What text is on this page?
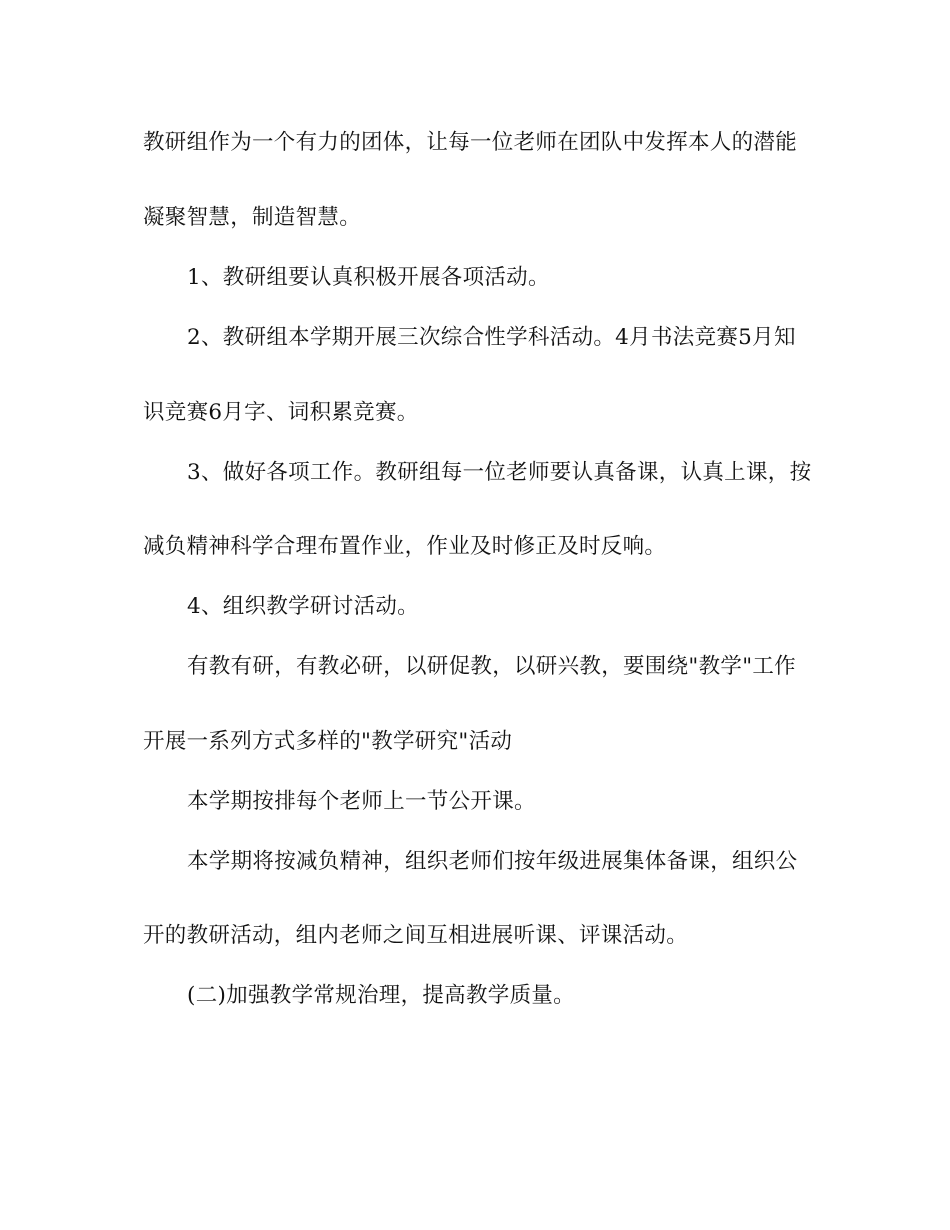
教研组作为一个有力的团体，让每一位老师在团队中发挥本人的潜能
凝聚智慧，制造智慧。
1、教研组要认真积极开展各项活动。
2、教研组本学期开展三次综合性学科活动。4月书法竞赛5月知
识竞赛6月字、词积累竞赛。
3、做好各项工作。教研组每一位老师要认真备课，认真上课，按
减负精神科学合理布置作业，作业及时修正及时反响。
4、组织教学研讨活动。
有教有研，有教必研，以研促教，以研兴教，要围绕"教学"工作
开展一系列方式多样的"教学研究"活动
本学期按排每个老师上一节公开课。
本学期将按减负精神，组织老师们按年级进展集体备课，组织公
开的教研活动，组内老师之间互相进展听课、评课活动。
(二)加强教学常规治理，提高教学质量。
